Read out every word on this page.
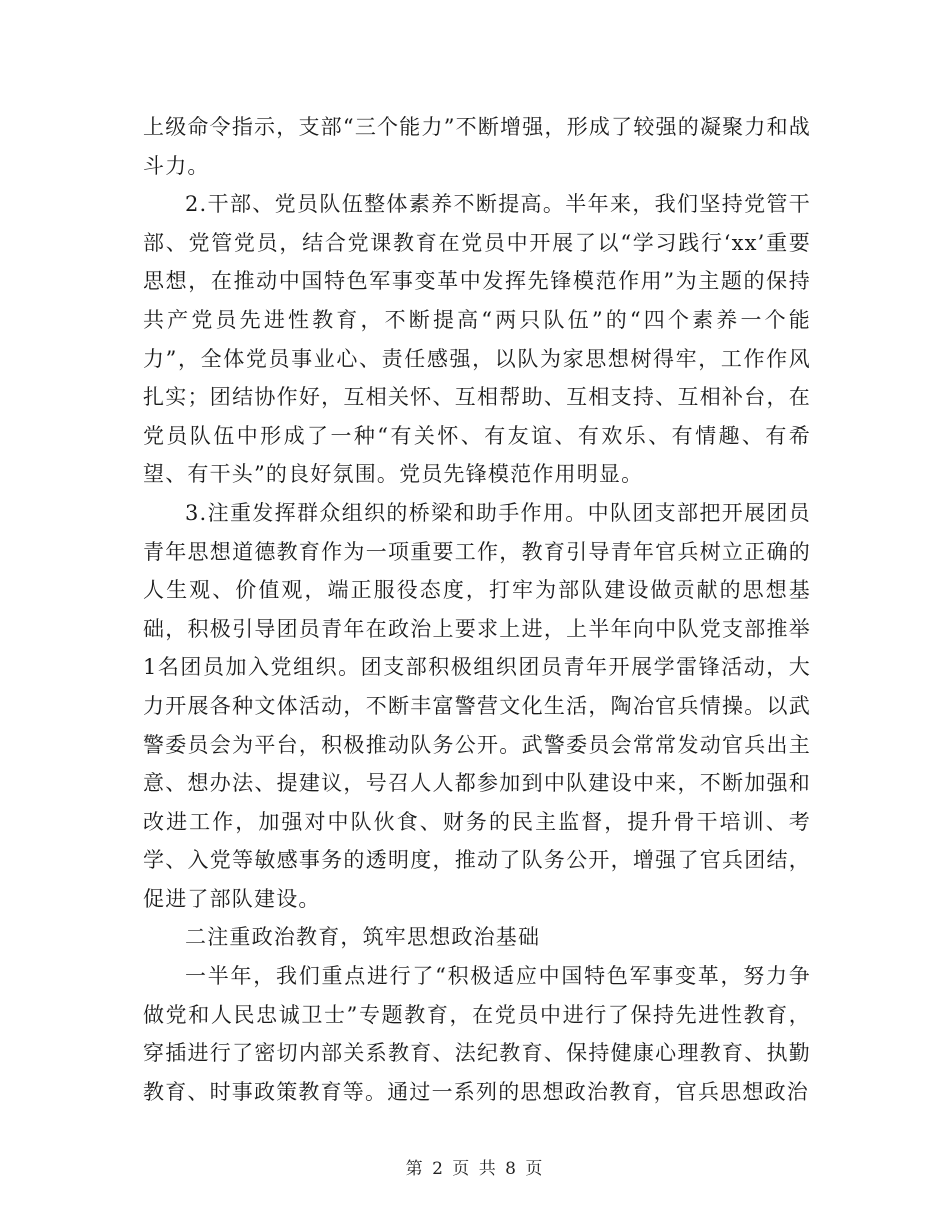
上级命令指示，支部“三个能力”不断增强，形成了较强的凝聚力和战斗力。

2.干部、党员队伍整体素养不断提高。半年来，我们坚持党管干部、党管党员，结合党课教育在党员中开展了以“学习践行‘xx’重要思想，在推动中国特色军事变革中发挥先锋模范作用”为主题的保持共产党员先进性教育，不断提高“两只队伍”的“四个素养一个能力”，全体党员事业心、责任感强，以队为家思想树得牢，工作作风扎实；团结协作好，互相关怀、互相帮助、互相支持、互相补台，在党员队伍中形成了一种“有关怀、有友谊、有欢乐、有情趣、有希望、有干头”的良好氛围。党员先锋模范作用明显。

3.注重发挥群众组织的桥梁和助手作用。中队团支部把开展团员青年思想道德教育作为一项重要工作，教育引导青年官兵树立正确的人生观、价值观，端正服役态度，打牢为部队建设做贡献的思想基础，积极引导团员青年在政治上要求上进，上半年向中队党支部推举1名团员加入党组织。团支部积极组织团员青年开展学雷锋活动，大力开展各种文体活动，不断丰富警营文化生活，陶冶官兵情操。以武警委员会为平台，积极推动队务公开。武警委员会常常发动官兵出主意、想办法、提建议，号召人人都参加到中队建设中来，不断加强和改进工作，加强对中队伙食、财务的民主监督，提升骨干培训、考学、入党等敏感事务的透明度，推动了队务公开，增强了官兵团结，促进了部队建设。

二注重政治教育，筑牢思想政治基础

一半年，我们重点进行了“积极适应中国特色军事变革，努力争做党和人民忠诚卫士”专题教育，在党员中进行了保持先进性教育，穿插进行了密切内部关系教育、法纪教育、保持健康心理教育、执勤教育、时事政策教育等。通过一系列的思想政治教育，官兵思想政治

第 2 页 共 8 页
